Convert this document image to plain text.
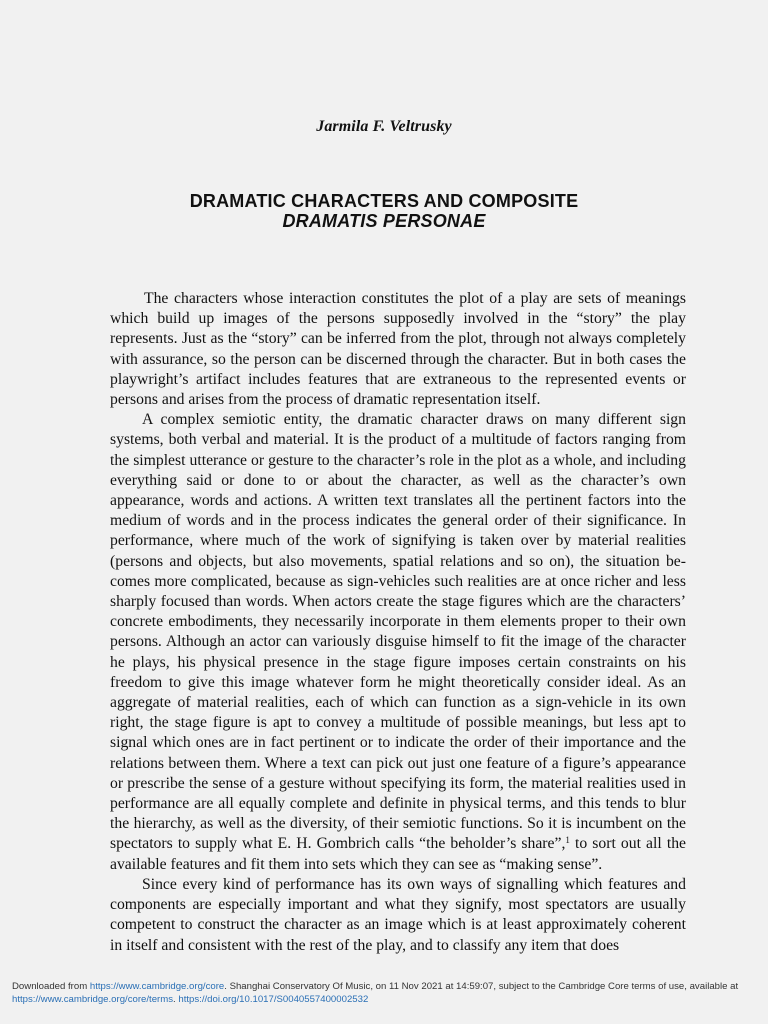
Jarmila F. Veltrusky
DRAMATIC CHARACTERS AND COMPOSITE
DRAMATIS PERSONAE

The characters whose interaction constitutes the plot of a play are sets of meanings which build up images of the persons supposedly involved in the “story” the play represents. Just as the “story” can be inferred from the plot, through not always completely with assurance, so the person can be discerned through the character. But in both cases the playwright’s artifact includes features that are extraneous to the represented events or persons and arises from the process of dramatic representation itself.

A complex semiotic entity, the dramatic character draws on many different sign systems, both verbal and material. It is the product of a multitude of factors ranging from the simplest utterance or gesture to the character’s role in the plot as a whole, and including everything said or done to or about the character, as well as the character’s own appearance, words and actions. A written text translates all the pertinent factors into the medium of words and in the process indicates the general order of their significance. In performance, where much of the work of signifying is taken over by material realities (persons and objects, but also movements, spatial relations and so on), the situation becomes more complicated, because as sign-vehicles such realities are at once richer and less sharply focused than words. When actors create the stage figures which are the characters’ concrete embodiments, they necessarily incorporate in them elements proper to their own persons. Although an actor can variously disguise himself to fit the image of the character he plays, his physical presence in the stage figure imposes certain constraints on his freedom to give this image whatever form he might theoretically consider ideal. As an aggregate of material realities, each of which can function as a sign-vehicle in its own right, the stage figure is apt to convey a multitude of possible meanings, but less apt to signal which ones are in fact pertinent or to indicate the order of their importance and the relations between them. Where a text can pick out just one feature of a figure’s appearance or prescribe the sense of a gesture without specifying its form, the material realities used in performance are all equally complete and definite in physical terms, and this tends to blur the hierarchy, as well as the diversity, of their semiotic functions. So it is incumbent on the spectators to supply what E. H. Gombrich calls “the beholder’s share”,$^1$ to sort out all the available features and fit them into sets which they can see as “making sense”.

Since every kind of performance has its own ways of signalling which features and components are especially important and what they signify, most spectators are usually competent to construct the character as an image which is at least approximately coherent in itself and consistent with the rest of the play, and to classify any item that does

Downloaded from https://www.cambridge.org/core. Shanghai Conservatory Of Music, on 11 Nov 2021 at 14:59:07, subject to the Cambridge Core terms of use, available at https://www.cambridge.org/core/terms. https://doi.org/10.1017/S0040557400002532
